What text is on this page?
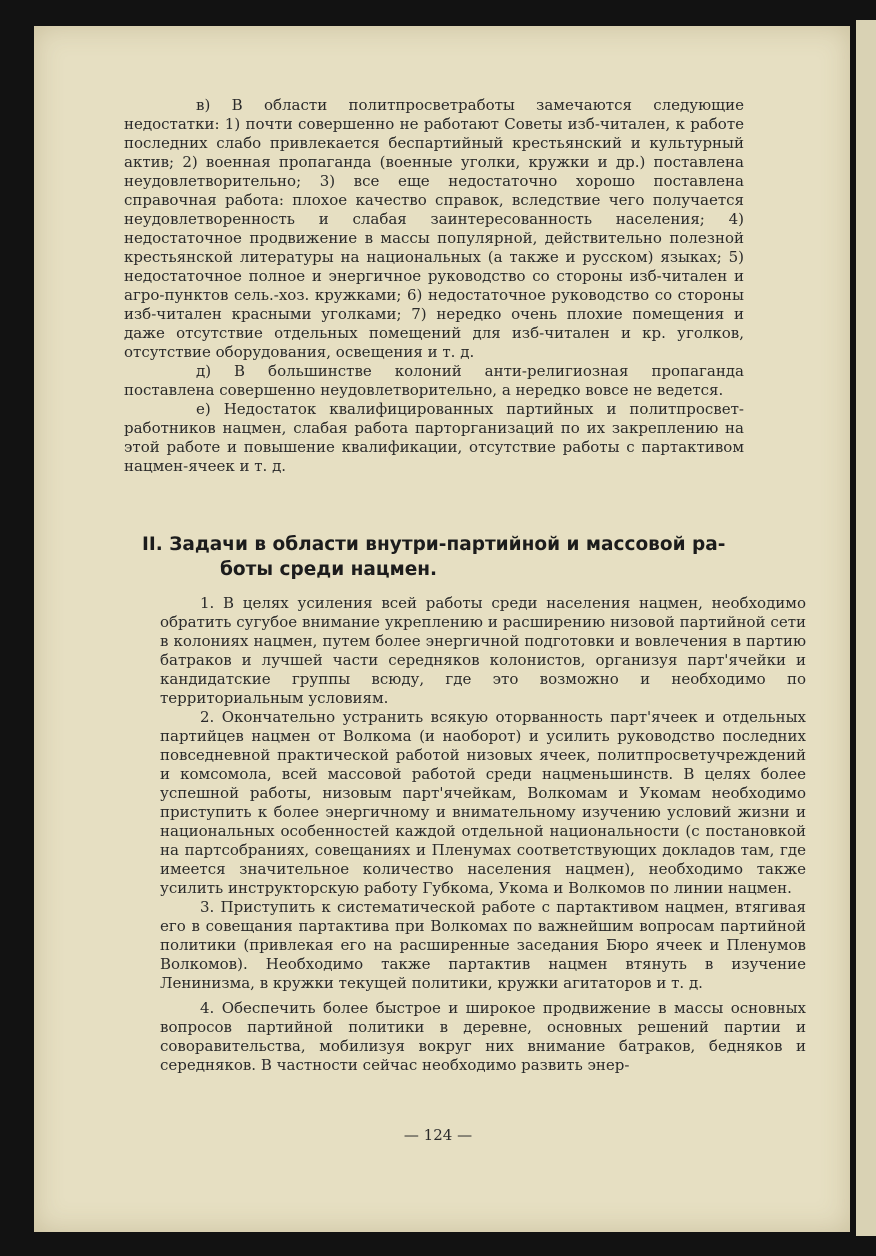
в) В области политпросветработы замечаются следующие недостатки: 1) почти совершенно не работают Советы изб-читален, к работе последних слабо привлекается беспартийный крестьянский и культурный актив; 2) военная пропаганда (военные уголки, кружки и др.) поставлена неудовлетворительно; 3) все еще недостаточно хорошо поставлена справочная работа: плохое качество справок, вследствие чего получается неудовлетворенность и слабая заинтересованность населения; 4) недостаточное продвижение в массы популярной, действительно полезной крестьянской литературы на национальных (а также и русском) языках; 5) недостаточное полное и энергичное руководство со стороны изб-читален и агро-пунктов сель.-хоз. кружками; 6) недостаточное руководство со стороны изб-читален красными уголками; 7) нередко очень плохие помещения и даже отсутствие отдельных помещений для изб-читален и кр. уголков, отсутствие оборудования, освещения и т. д.

д) В большинстве колоний анти-религиозная пропаганда поставлена совершенно неудовлетворительно, а нередко вовсе не ведется.

е) Недостаток квалифицированных партийных и политпросвет-работников нацмен, слабая работа парторганизаций по их закреплению на этой работе и повышение квалификации, отсутствие работы с партактивом нацмен-ячеек и т. д.

II. Задачи в области внутри-партийной и массовой ра-
боты среди нацмен.

1. В целях усиления всей работы среди населения нацмен, необходимо обратить сугубое внимание укреплению и расширению низовой партийной сети в колониях нацмен, путем более энергичной подготовки и вовлечения в партию батраков и лучшей части середняков колонистов, организуя парт'ячейки и кандидатские группы всюду, где это возможно и необходимо по территориальным условиям.

2. Окончательно устранить всякую оторванность парт'ячеек и отдельных партийцев нацмен от Волкома (и наоборот) и усилить руководство последних повседневной практической работой низовых ячеек, политпросветучреждений и комсомола, всей массовой работой среди нацменьшинств. В целях более успешной работы, низовым парт'ячейкам, Волкомам и Укомам необходимо приступить к более энергичному и внимательному изучению условий жизни и национальных особенностей каждой отдельной национальности (с постановкой на партсобраниях, совещаниях и Пленумах соответствующих докладов там, где имеется значительное количество населения нацмен), необходимо также усилить инструкторскую работу Губкома, Укома и Волкомов по линии нацмен.

3. Приступить к систематической работе с партактивом нацмен, втягивая его в совещания партактива при Волкомах по важнейшим вопросам партийной политики (привлекая его на расширенные заседания Бюро ячеек и Пленумов Волкомов). Необходимо также партактив нацмен втянуть в изучение Ленинизма, в кружки текущей политики, кружки агитаторов и т. д.

4. Обеспечить более быстрое и широкое продвижение в массы основных вопросов партийной политики в деревне, основных решений партии и соворавительства, мобилизуя вокруг них внимание батраков, бедняков и середняков. В частности сейчас необходимо развить энер-

— 124 —
